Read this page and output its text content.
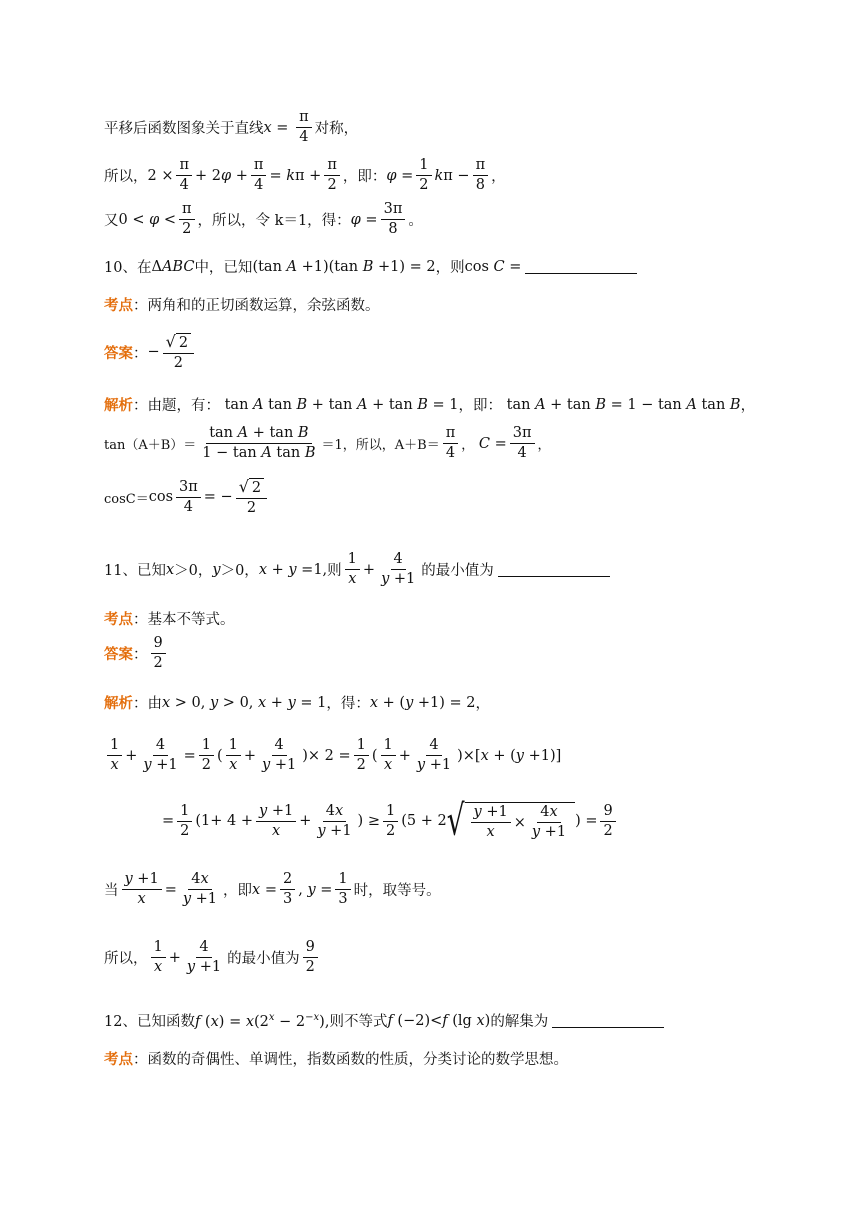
平移后函数图象关于直线 $x = \frac{\pi}{4}$ 对称，
所以， $2 \times \frac{\pi}{4} + 2\varphi + \frac{\pi}{4} = k\pi + \frac{\pi}{2}$ ，即： $\varphi = \frac{1}{2}$ k $\pi - \frac{\pi}{8}$ ，
又 $0 < \varphi < \frac{\pi}{2}$ ，所以，令 k＝1，得： $\varphi = \frac{3\pi}{8}$ 。
10、在 ΔABC 中，已知 (tan A +1)(tan B +1) = 2 ，则 cos C =
考点 ：两角和的正切函数运算，余弦函数。
答案 ： − $\frac{√ 2}{2}$
解析 ：由题，有： tan A tan B + tan A + tan B = 1 ，即： tan A + tan B = 1 − tan A tan B ，
$\tan(A+B)= \frac{\text{tan A + tan B}}{\text{1 − tan A tan B}} =1$，所以，$A+B= \frac{\pi}{4}$ ， $C = \frac{3\pi}{4}$ ，
$\cos C= \cos \frac{3\pi}{4}$ = − $\frac{√ 2}{2}$
11、已知 x ＞0， y ＞0， x + y =1, 则 $\frac{1}{x} + \frac{4}{y +1}$ 的最小值为
考点 ：基本不等式。
答案 ： $\frac{9}{2}$
解析 ：由 x > 0, y > 0, x + y = 1 ，得： x + (y +1) = 2 ，
$\frac{1}{x} + \frac{4}{y +1} = \frac{1}{2}$ ( $\frac{1}{x} + \frac{4}{y +1}$ )× $2 = \frac{1}{2}$ ( $\frac{1}{x} + \frac{4}{y +1} )\times[x + (y +1)]$
= $\frac{1}{2} (1+ 4 + \frac{y +1}{x} + \frac{4x}{y +1}$ ) ≥ $\frac{1}{2} (5 + 2$ √ $\frac{y +1}{x} \times \frac{4x}{y +1}$ ) = $\frac{9}{2}$
当 $\frac{y +1}{x} = \frac{4x}{y +1}$ ，即 $x = \frac{2}{3}$ , $y = \frac{1}{3}$ 时，取等号。
所以， $\frac{1}{x} + \frac{4}{y +1}$ 的最小值为 $\frac{9}{2}$
12、已知函数 f $(x) = x(2^x - 2^{-x})$ ,则不等式 f (−2)<f (lg x) 的解集为
考点 ：函数的奇偶性、单调性，指数函数的性质，分类讨论的数学思想。
